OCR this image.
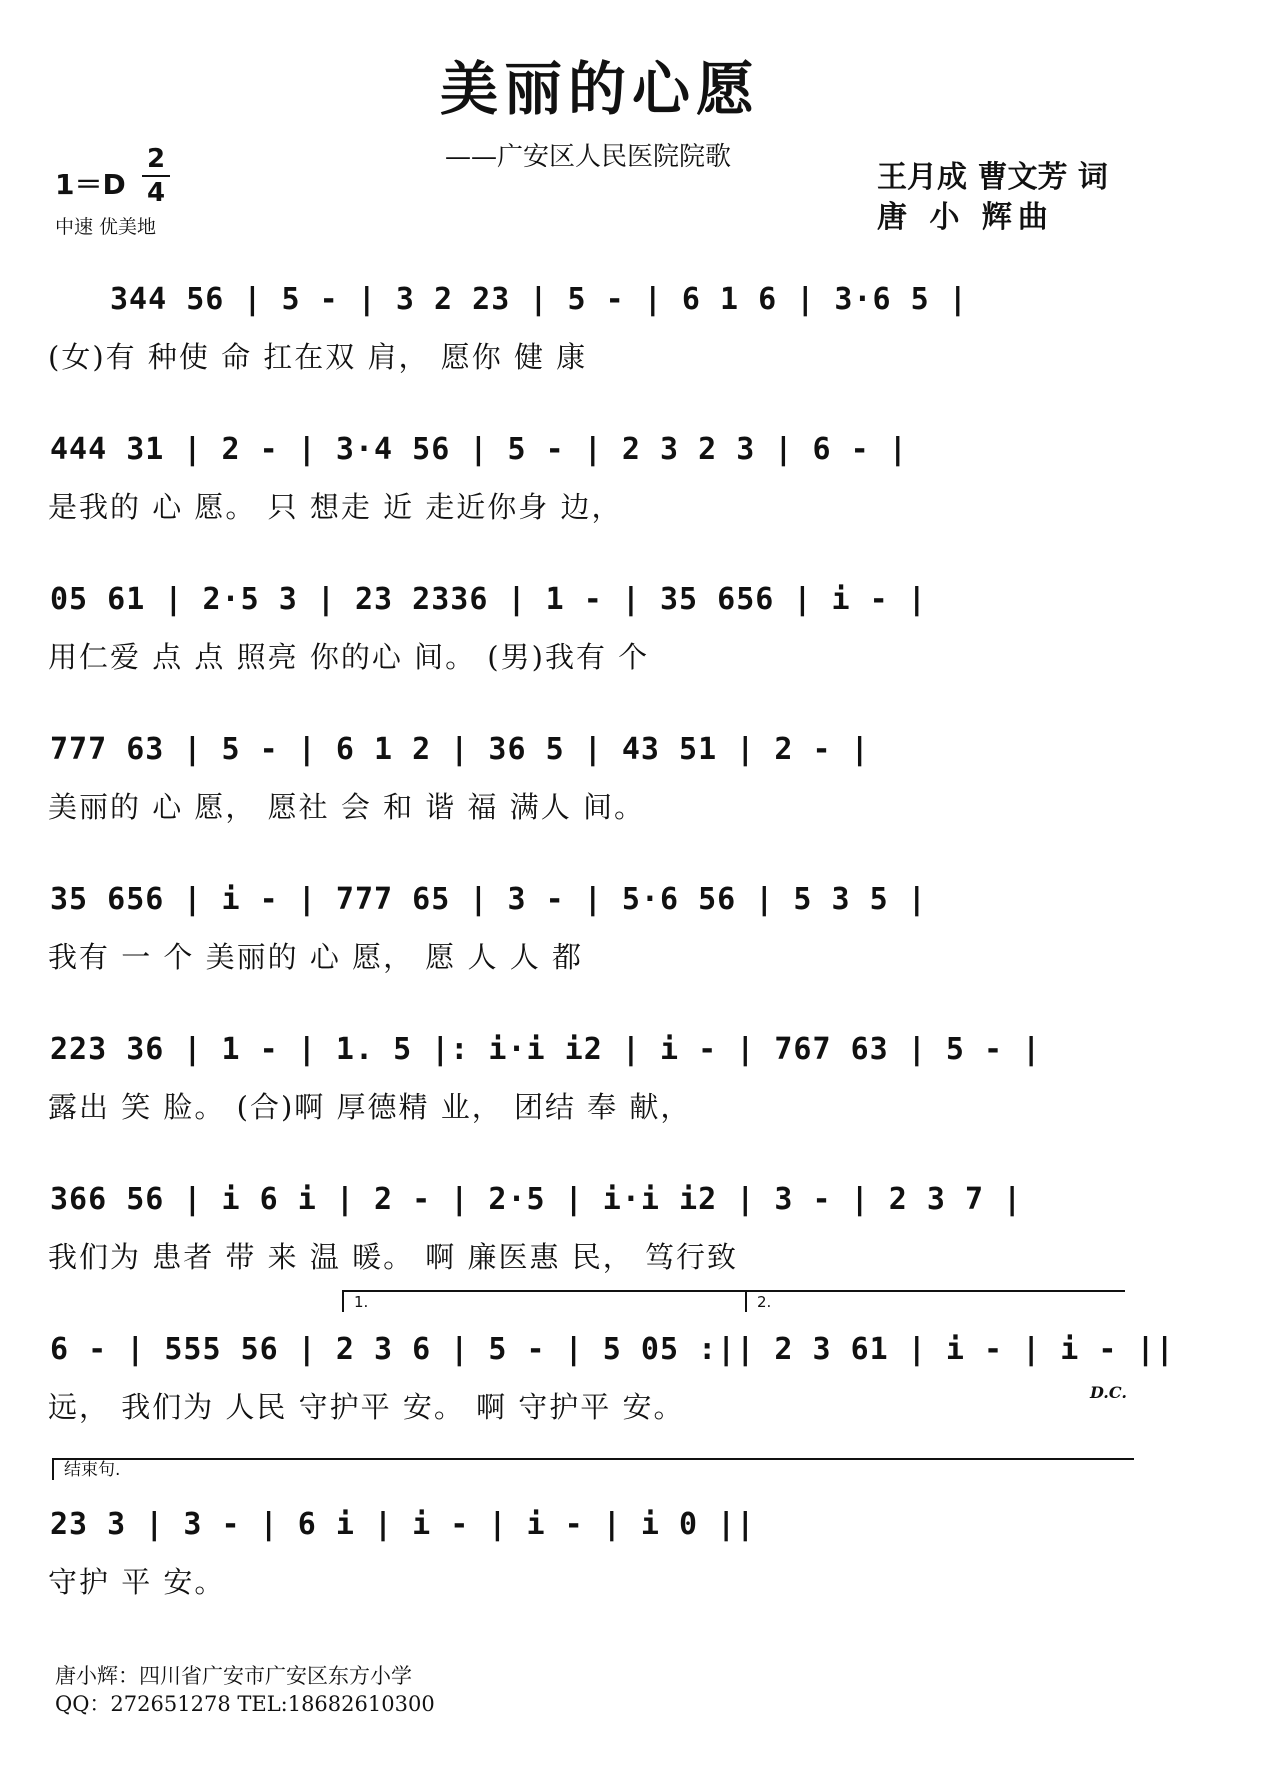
美丽的心愿
——广安区人民医院院歌
1＝D
2
4
中速 优美地
王月成 曹文芳 词
唐 小 辉曲
344 56 | 5 - | 3 2 23 | 5 - | 6 1 6 | 3·6 5 |
(女)有 种使 命 扛在双 肩， 愿你 健 康
444 31 | 2 - | 3·4 56 | 5 - | 2 3 2 3 | 6 - |
是我的 心 愿。 只 想走 近 走近你身 边，
05 61 | 2·5 3 | 23 2336 | 1 - | 35 656 | i - |
用仁爱 点 点 照亮 你的心 间。 (男)我有 个
777 63 | 5 - | 6 1 2 | 36 5 | 43 51 | 2 - |
美丽的 心 愿， 愿社 会 和 谐 福 满人 间。
35 656 | i - | 777 65 | 3 - | 5·6 56 | 5 3 5 |
我有 一 个 美丽的 心 愿， 愿 人 人 都
223 36 | 1 - | 1. 5 |: i·i i2 | i - | 767 63 | 5 - |
露出 笑 脸。 (合)啊 厚德精 业， 团结 奉 献，
366 56 | i 6 i | 2 - | 2·5 | i·i i2 | 3 - | 2 3 7 |
我们为 患者 带 来 温 暖。 啊 廉医惠 民， 笃行致
1.	2.
6 - | 555 56 | 2 3 6 | 5 - | 5 05 :|| 2 3 61 | i - | i - ||
远， 我们为 人民 守护平 安。 啊 守护平 安。	D.C.
结束句.
23 3 | 3 - | 6 i | i - | i - | i 0 ||
守护 平 安。
唐小辉：四川省广安市广安区东方小学
QQ：272651278 TEL:18682610300
